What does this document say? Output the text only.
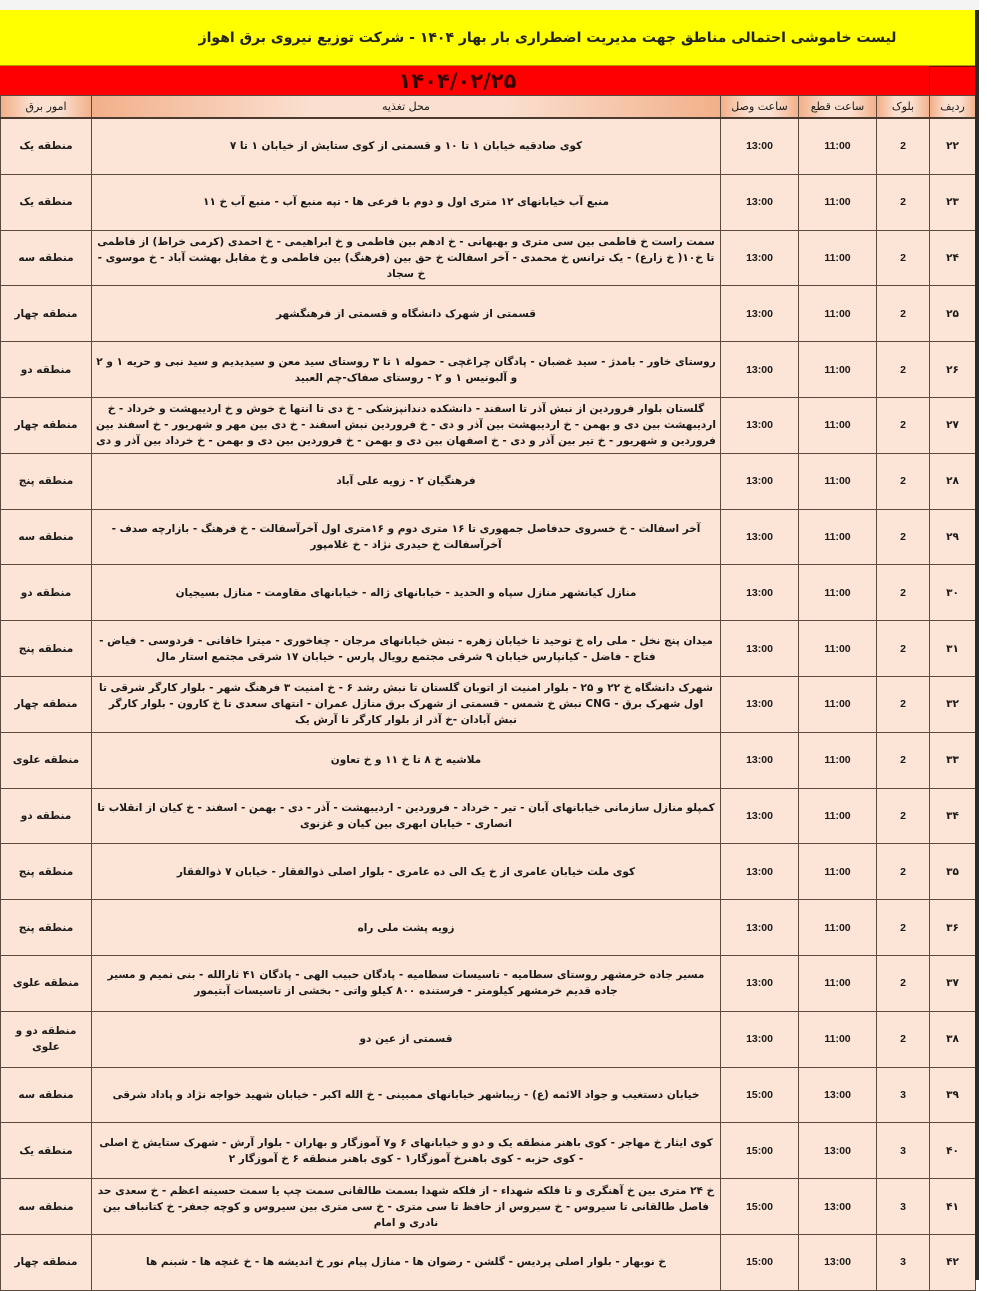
لیست خاموشی احتمالی مناطق جهت مدیریت اضطراری بار بهار ۱۴۰۴ - شرکت توزیع نیروی برق اهواز
۱۴۰۴/۰۲/۲۵
ردیف	بلوک	ساعت قطع	ساعت وصل	محل تغذیه	امور برق
۲۲	2	11:00	13:00	کوی صادقیه خیابان ۱ تا ۱۰ و قسمتی از کوی ستایش از خیابان ۱ تا ۷	منطقه یک
۲۳	2	11:00	13:00	منبع آب خیابانهای ۱۲ متری اول و دوم با فرعی ها - تپه منبع آب - منبع آب خ ۱۱	منطقه یک
۲۴	2	11:00	13:00	سمت راست خ فاطمی بین سی متری و بهبهانی - خ ادهم بین فاطمی و خ ابراهیمی - خ احمدی (کرمی خراط) از فاطمی تا خ۱۰( خ زارع) - یک ترانس خ محمدی - آخر اسفالت خ حق بین (فرهنگ) بین فاطمی و خ مقابل بهشت آباد - خ موسوی - خ سجاد	منطقه سه
۲۵	2	11:00	13:00	قسمتی از شهرک دانشگاه و قسمتی از فرهنگشهر	منطقه چهار
۲۶	2	11:00	13:00	روستای خاور - بامدژ - سید غضبان - پادگان چراغچی - حموله ۱ تا ۳ روستای سید معن و سیدیدیم و سید نبی و حریه ۱ و ۲ و آلبونیس ۱ و ۲ - روستای صفاک-چم العبید	منطقه دو
۲۷	2	11:00	13:00	گلستان بلوار فروردین از نبش آذر تا اسفند - دانشکده دندانپزشکی - خ دی تا انتها خ خوش و خ اردیبهشت و خرداد - خ اردیبهشت بین دی و بهمن - خ اردیبهشت بین آذر و دی - خ فروردین نبش اسفند - خ دی بین مهر و شهریور - خ اسفند بین فروردین و شهریور - خ تیر بین آذر و دی - خ اصفهان بین دی و بهمن - خ فروردین بین دی و بهمن - خ خرداد بین آذر و دی	منطقه چهار
۲۸	2	11:00	13:00	فرهنگیان ۲ - زویه علی آباد	منطقه پنج
۲۹	2	11:00	13:00	آخر اسفالت - خ خسروی حدفاصل جمهوری تا ۱۶ متری دوم و ۱۶متری اول آخرآسفالت - خ فرهنگ - بازارچه صدف - آخرآسفالت خ حیدری نژاد - خ غلامپور	منطقه سه
۳۰	2	11:00	13:00	منازل کیانشهر منازل سپاه و الحدید - خیابانهای ژاله - خیابانهای مقاومت - منازل بسیجیان	منطقه دو
۳۱	2	11:00	13:00	میدان پنج نخل - ملی راه خ توحید تا خیابان زهره - نبش خیابانهای مرجان - چغاخوری - میترا خاقانی - فردوسی - فیاض - فتاح - فاضل - کیانپارس خیابان ۹ شرقی مجتمع رویال پارس - خیابان ۱۷ شرقی مجتمع استار مال	منطقه پنج
۳۲	2	11:00	13:00	شهرک دانشگاه خ ۲۲ و ۲۵ - بلوار امنیت از اتوبان گلستان تا نبش رشد ۶ - خ امنیت ۳ فرهنگ شهر - بلوار کارگر شرقی تا اول شهرک برق - CNG نبش خ شمس - قسمتی از شهرک برق منازل عمران - انتهای سعدی تا خ کارون - بلوار کارگر نبش آبادان -خ آذر از بلوار کارگر تا آرش یک	منطقه چهار
۳۳	2	11:00	13:00	ملاشیه خ ۸ تا خ ۱۱ و خ تعاون	منطقه علوی
۳۴	2	11:00	13:00	کمپلو منازل سازمانی خیابانهای آبان - تیر - خرداد - فروردین - اردیبهشت - آذر - دی - بهمن - اسفند - خ کیان از انقلاب تا انصاری - خیابان ابهری بین کیان و غزنوی	منطقه دو
۳۵	2	11:00	13:00	کوی ملت خیابان عامری از خ یک الی ده عامری - بلوار اصلی ذوالفقار - خیابان ۷ ذوالفقار	منطقه پنج
۳۶	2	11:00	13:00	زویه پشت ملی راه	منطقه پنج
۳۷	2	11:00	13:00	مسیر جاده خرمشهر روستای سطامیه - تاسیسات سطامیه - پادگان حبیب الهی - پادگان ۴۱ ثارالله - بنی تمیم و مسیر جاده قدیم خرمشهر کیلومتر - فرستنده ۸۰۰ کیلو واتی - بخشی از تاسیسات آبتیمور	منطقه علوی
۳۸	2	11:00	13:00	قسمتی از عین دو	منطقه دو و علوی
۳۹	3	13:00	15:00	خیابان دستغیب و جواد الائمه (ع) - زیباشهر خیابانهای ممبینی - خ الله اکبر - خیابان شهید خواجه نژاد و پاداد شرقی	منطقه سه
۴۰	3	13:00	15:00	کوی ایثار خ مهاجر - کوی باهنر منطقه یک و دو و خیابانهای ۶ و۷ آموزگار و بهاران - بلوار آرش - شهرک ستایش خ اصلی - کوی حزبه - کوی باهنرخ آموزگار۱ - کوی باهنر منطقه ۶ خ آموزگار ۲	منطقه یک
۴۱	3	13:00	15:00	خ ۲۴ متری بین خ آهنگری و تا فلکه شهداء - از فلکه شهدا بسمت طالقانی سمت چپ یا سمت حسینه اعظم - خ سعدی حد فاصل طالقانی تا سیروس - خ سیروس از حافظ تا سی متری - خ سی متری بین سیروس و کوچه جعفر- خ کتانباف بین نادری و امام	منطقه سه
۴۲	3	13:00	15:00	خ نوبهار - بلوار اصلی پردیس - گلشن - رضوان ها - منازل پیام نور خ اندیشه ها - خ غنچه ها - شبنم ها	منطقه چهار
